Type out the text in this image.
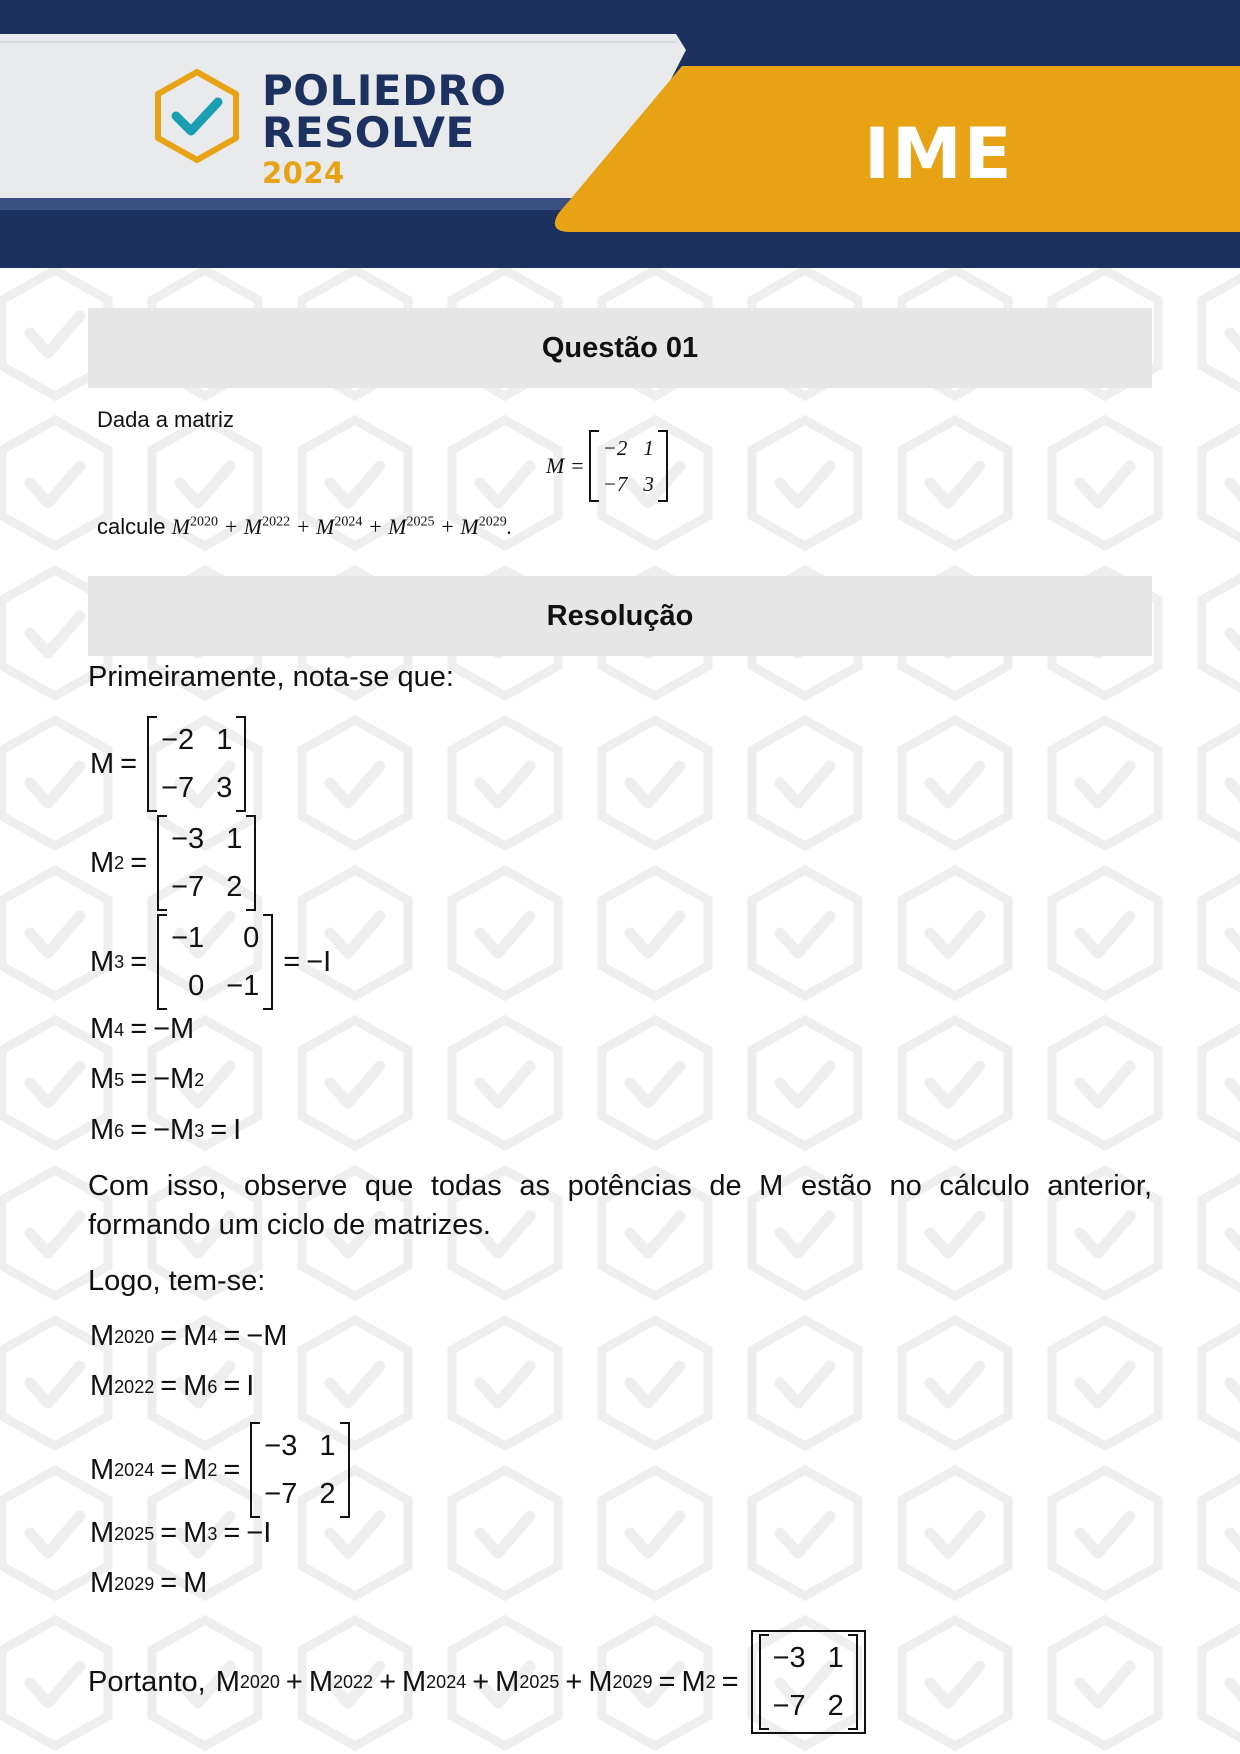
POLIEDRO
RESOLVE
2024	IME
Questão 01
Dada a matriz
M =
−2 1
−7 3
calcule $M^{2020} + M^{2022} + M^{2024} + M^{2025} + M^{2029}$.
Resolução
Primeiramente, nota-se que:
M =
−2 1
−7 3
M 2 =
−3 1
−7 2
M 3 =
−1	0
0 −1
= −I
M 4 = −M
M 5 = −M 2
M 6 = −M 3 = I
Com isso, observe que todas as potências de M estão no cálculo anterior, formando um ciclo de matrizes.
Logo, tem-se:
M 2020 = M 4 = −M
M 2022 = M 6 = I
M 2024 = M 2 =
−3 1
−7 2
M 2025 = M 3 = −I
M 2029 = M
Portanto, M 2020 + M 2022 + M 2024 + M 2025 + M 2029 = M 2 =
−3 1
−7 2
